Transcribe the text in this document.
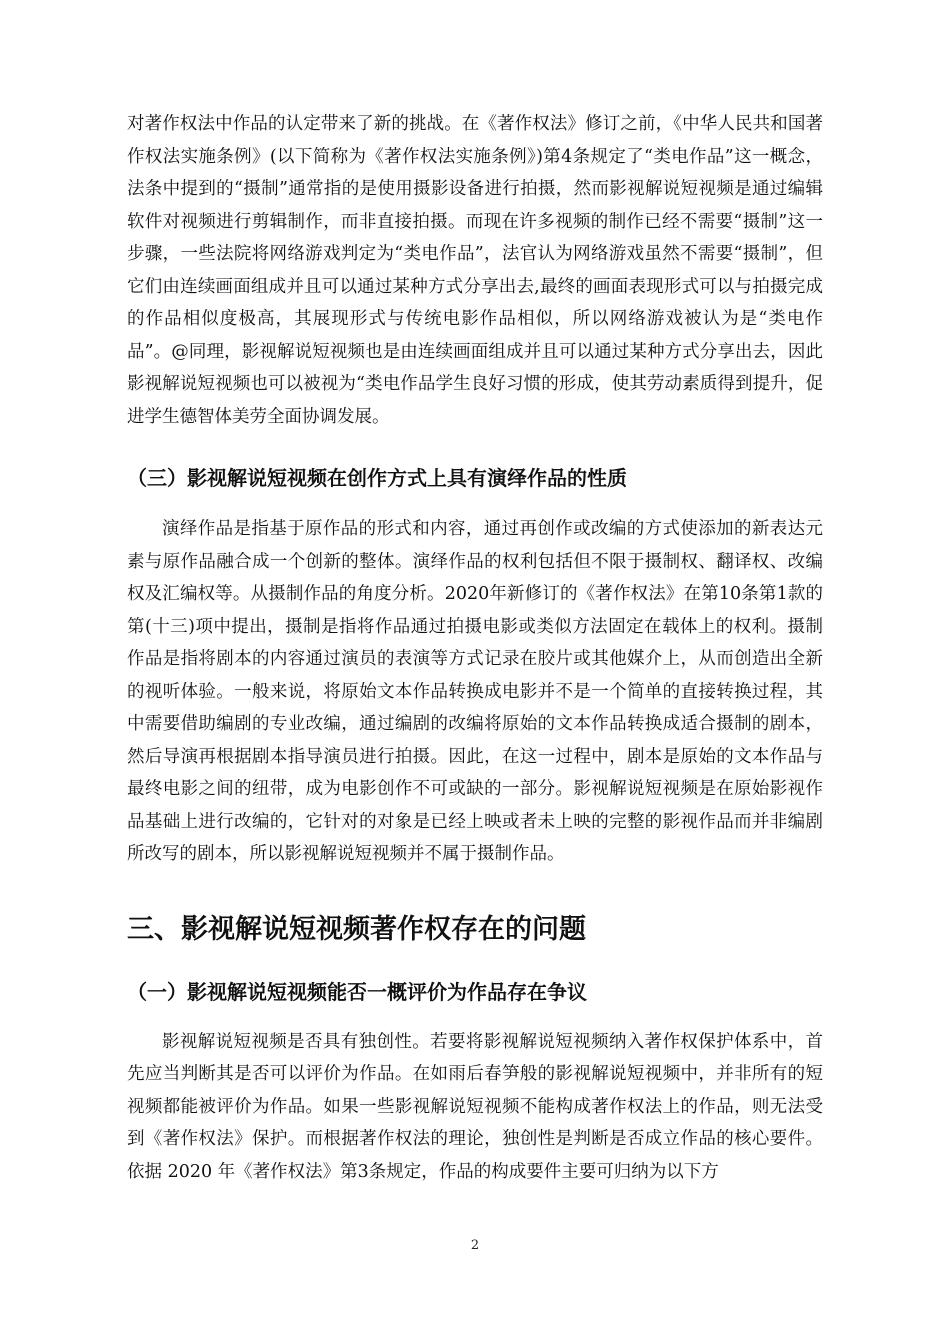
对著作权法中作品的认定带来了新的挑战。在《著作权法》修订之前，《中华人民共和国著作权法实施条例》(以下简称为《著作权法实施条例》)第4条规定了“类电作品”这一概念，法条中提到的“摄制”通常指的是使用摄影设备进行拍摄，然而影视解说短视频是通过编辑软件对视频进行剪辑制作，而非直接拍摄。而现在许多视频的制作已经不需要“摄制”这一步骤，一些法院将网络游戏判定为“类电作品”，法官认为网络游戏虽然不需要“摄制”，但它们由连续画面组成并且可以通过某种方式分享出去,最终的画面表现形式可以与拍摄完成的作品相似度极高，其展现形式与传统电影作品相似，所以网络游戏被认为是“类电作品”。@同理，影视解说短视频也是由连续画面组成并且可以通过某种方式分享出去，因此影视解说短视频也可以被视为“类电作品学生良好习惯的形成，使其劳动素质得到提升，促进学生德智体美劳全面协调发展。

（三）影视解说短视频在创作方式上具有演绎作品的性质

演绎作品是指基于原作品的形式和内容，通过再创作或改编的方式使添加的新表达元素与原作品融合成一个创新的整体。演绎作品的权利包括但不限于摄制权、翻译权、改编权及汇编权等。从摄制作品的角度分析。2020年新修订的《著作权法》在第10条第1款的第(十三)项中提出，摄制是指将作品通过拍摄电影或类似方法固定在载体上的权利。摄制作品是指将剧本的内容通过演员的表演等方式记录在胶片或其他媒介上，从而创造出全新的视听体验。一般来说，将原始文本作品转换成电影并不是一个简单的直接转换过程，其中需要借助编剧的专业改编，通过编剧的改编将原始的文本作品转换成适合摄制的剧本，然后导演再根据剧本指导演员进行拍摄。因此，在这一过程中，剧本是原始的文本作品与最终电影之间的纽带，成为电影创作不可或缺的一部分。影视解说短视频是在原始影视作品基础上进行改编的，它针对的对象是已经上映或者未上映的完整的影视作品而并非编剧所改写的剧本，所以影视解说短视频并不属于摄制作品。

三、影视解说短视频著作权存在的问题
（一）影视解说短视频能否一概评价为作品存在争议

影视解说短视频是否具有独创性。若要将影视解说短视频纳入著作权保护体系中，首先应当判断其是否可以评价为作品。在如雨后春笋般的影视解说短视频中，并非所有的短视频都能被评价为作品。如果一些影视解说短视频不能构成著作权法上的作品，则无法受到《著作权法》保护。而根据著作权法的理论，独创性是判断是否成立作品的核心要件。依据 2020 年《著作权法》第3条规定，作品的构成要件主要可归纳为以下方

2
